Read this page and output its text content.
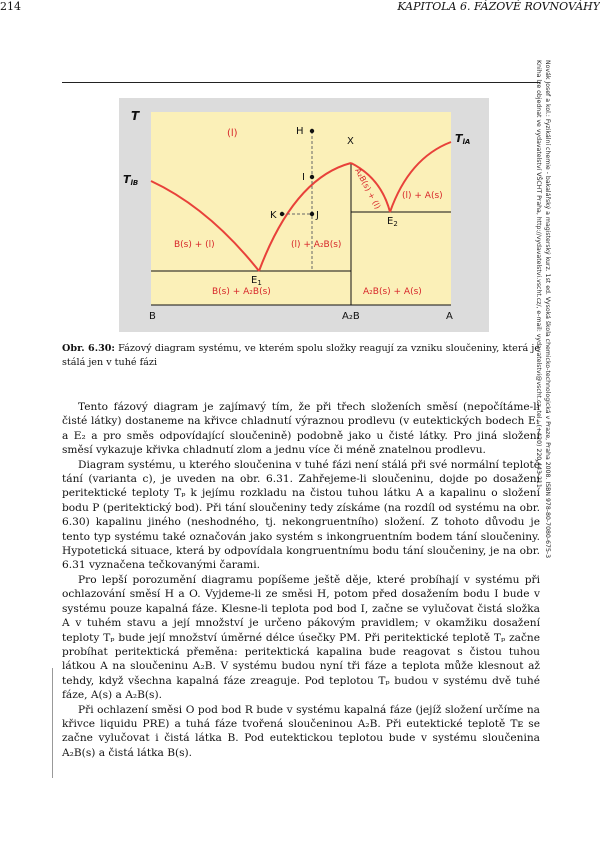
214	KAPITOLA 6. FÁZOVÉ ROVNOVÁHY
T
TlB
TlA
(l)	H
X
I
K	J
$E_1$
$E_2$
B(s) + (l)	(l) + A₂B(s)
(l) + A(s)
A₂B(s) + (l)
B(s) + A₂B(s)	A₂B(s) + A(s)
B	A₂B	A
Obr. 6.30: Fázový diagram systému, ve kterém spolu složky reagují za vzniku sloučeniny, která je stálá jen v tuhé fázi

Tento fázový diagram je zajímavý tím, že při třech složeních směsí (nepočítáme-li čisté látky) dostaneme na křivce chladnutí výraznou prodlevu (v eutektických bodech E₁ a E₂ a pro směs odpovídající sloučenině) podobně jako u čisté látky. Pro jiná složení směsí vykazuje křivka chladnutí zlom a jednu více či méně znatelnou prodlevu.

Diagram systému, u kterého sloučenina v tuhé fázi není stálá při své normální teplotě tání (varianta c), je uveden na obr. 6.31. Zahřejeme-li sloučeninu, dojde po dosažení peritektické teploty Tₚ k jejímu rozkladu na čistou tuhou látku A a kapalinu o složení bodu P (peritektický bod). Při tání sloučeniny tedy získáme (na rozdíl od systému na obr. 6.30) kapalinu jiného (neshodného, tj. nekongruentního) složení. Z tohoto důvodu je tento typ systému také označován jako systém s inkongruentním bodem tání sloučeniny. Hypotetická situace, která by odpovídala kongruentnímu bodu tání sloučeniny, je na obr. 6.31 vyznačena tečkovanými čarami.

Pro lepší porozumění diagramu popíšeme ještě děje, které probíhají v systému při ochlazování směsí H a O. Vyjdeme-li ze směsi H, potom před dosažením bodu I bude v systému pouze kapalná fáze. Klesne-li teplota pod bod I, začne se vylučovat čistá složka A v tuhém stavu a její množství je určeno pákovým pravidlem; v okamžiku dosažení teploty Tₚ bude její množství úměrné délce úsečky PM. Při peritektické teplotě Tₚ začne probíhat peritektická přeměna: peritektická kapalina bude reagovat s čistou tuhou látkou A na sloučeninu A₂B. V systému budou nyní tři fáze a teplota může klesnout až tehdy, když všechna kapalná fáze zreaguje. Pod teplotou Tₚ budou v systému dvě tuhé fáze, A(s) a A₂B(s).

Při ochlazení směsi O pod bod R bude v systému kapalná fáze (jejíž složení určíme na křivce liquidu PRE) a tuhá fáze tvořená sloučeninou A₂B. Při eutektické teplotě Tᴇ se začne vylučovat i čistá látka B. Pod eutektickou teplotou bude v systému sloučenina A₂B(s) a čistá látka B(s).

Novák Josef a kol.: Fyzikální chemie - bakalářský a magisterský kurz. 1st ed. Vysoká škola chemicko-technologická v Praze, Praha 2008. ISBN 978-80-7080-675-3
Kniha lze objednat ve vydavatelství VŠCHT Praha, http://vydavatelstvi.vscht.cz/, e-mail: vydavatelstvi@vscht.cz, tel.: (+420) 220 443 211
